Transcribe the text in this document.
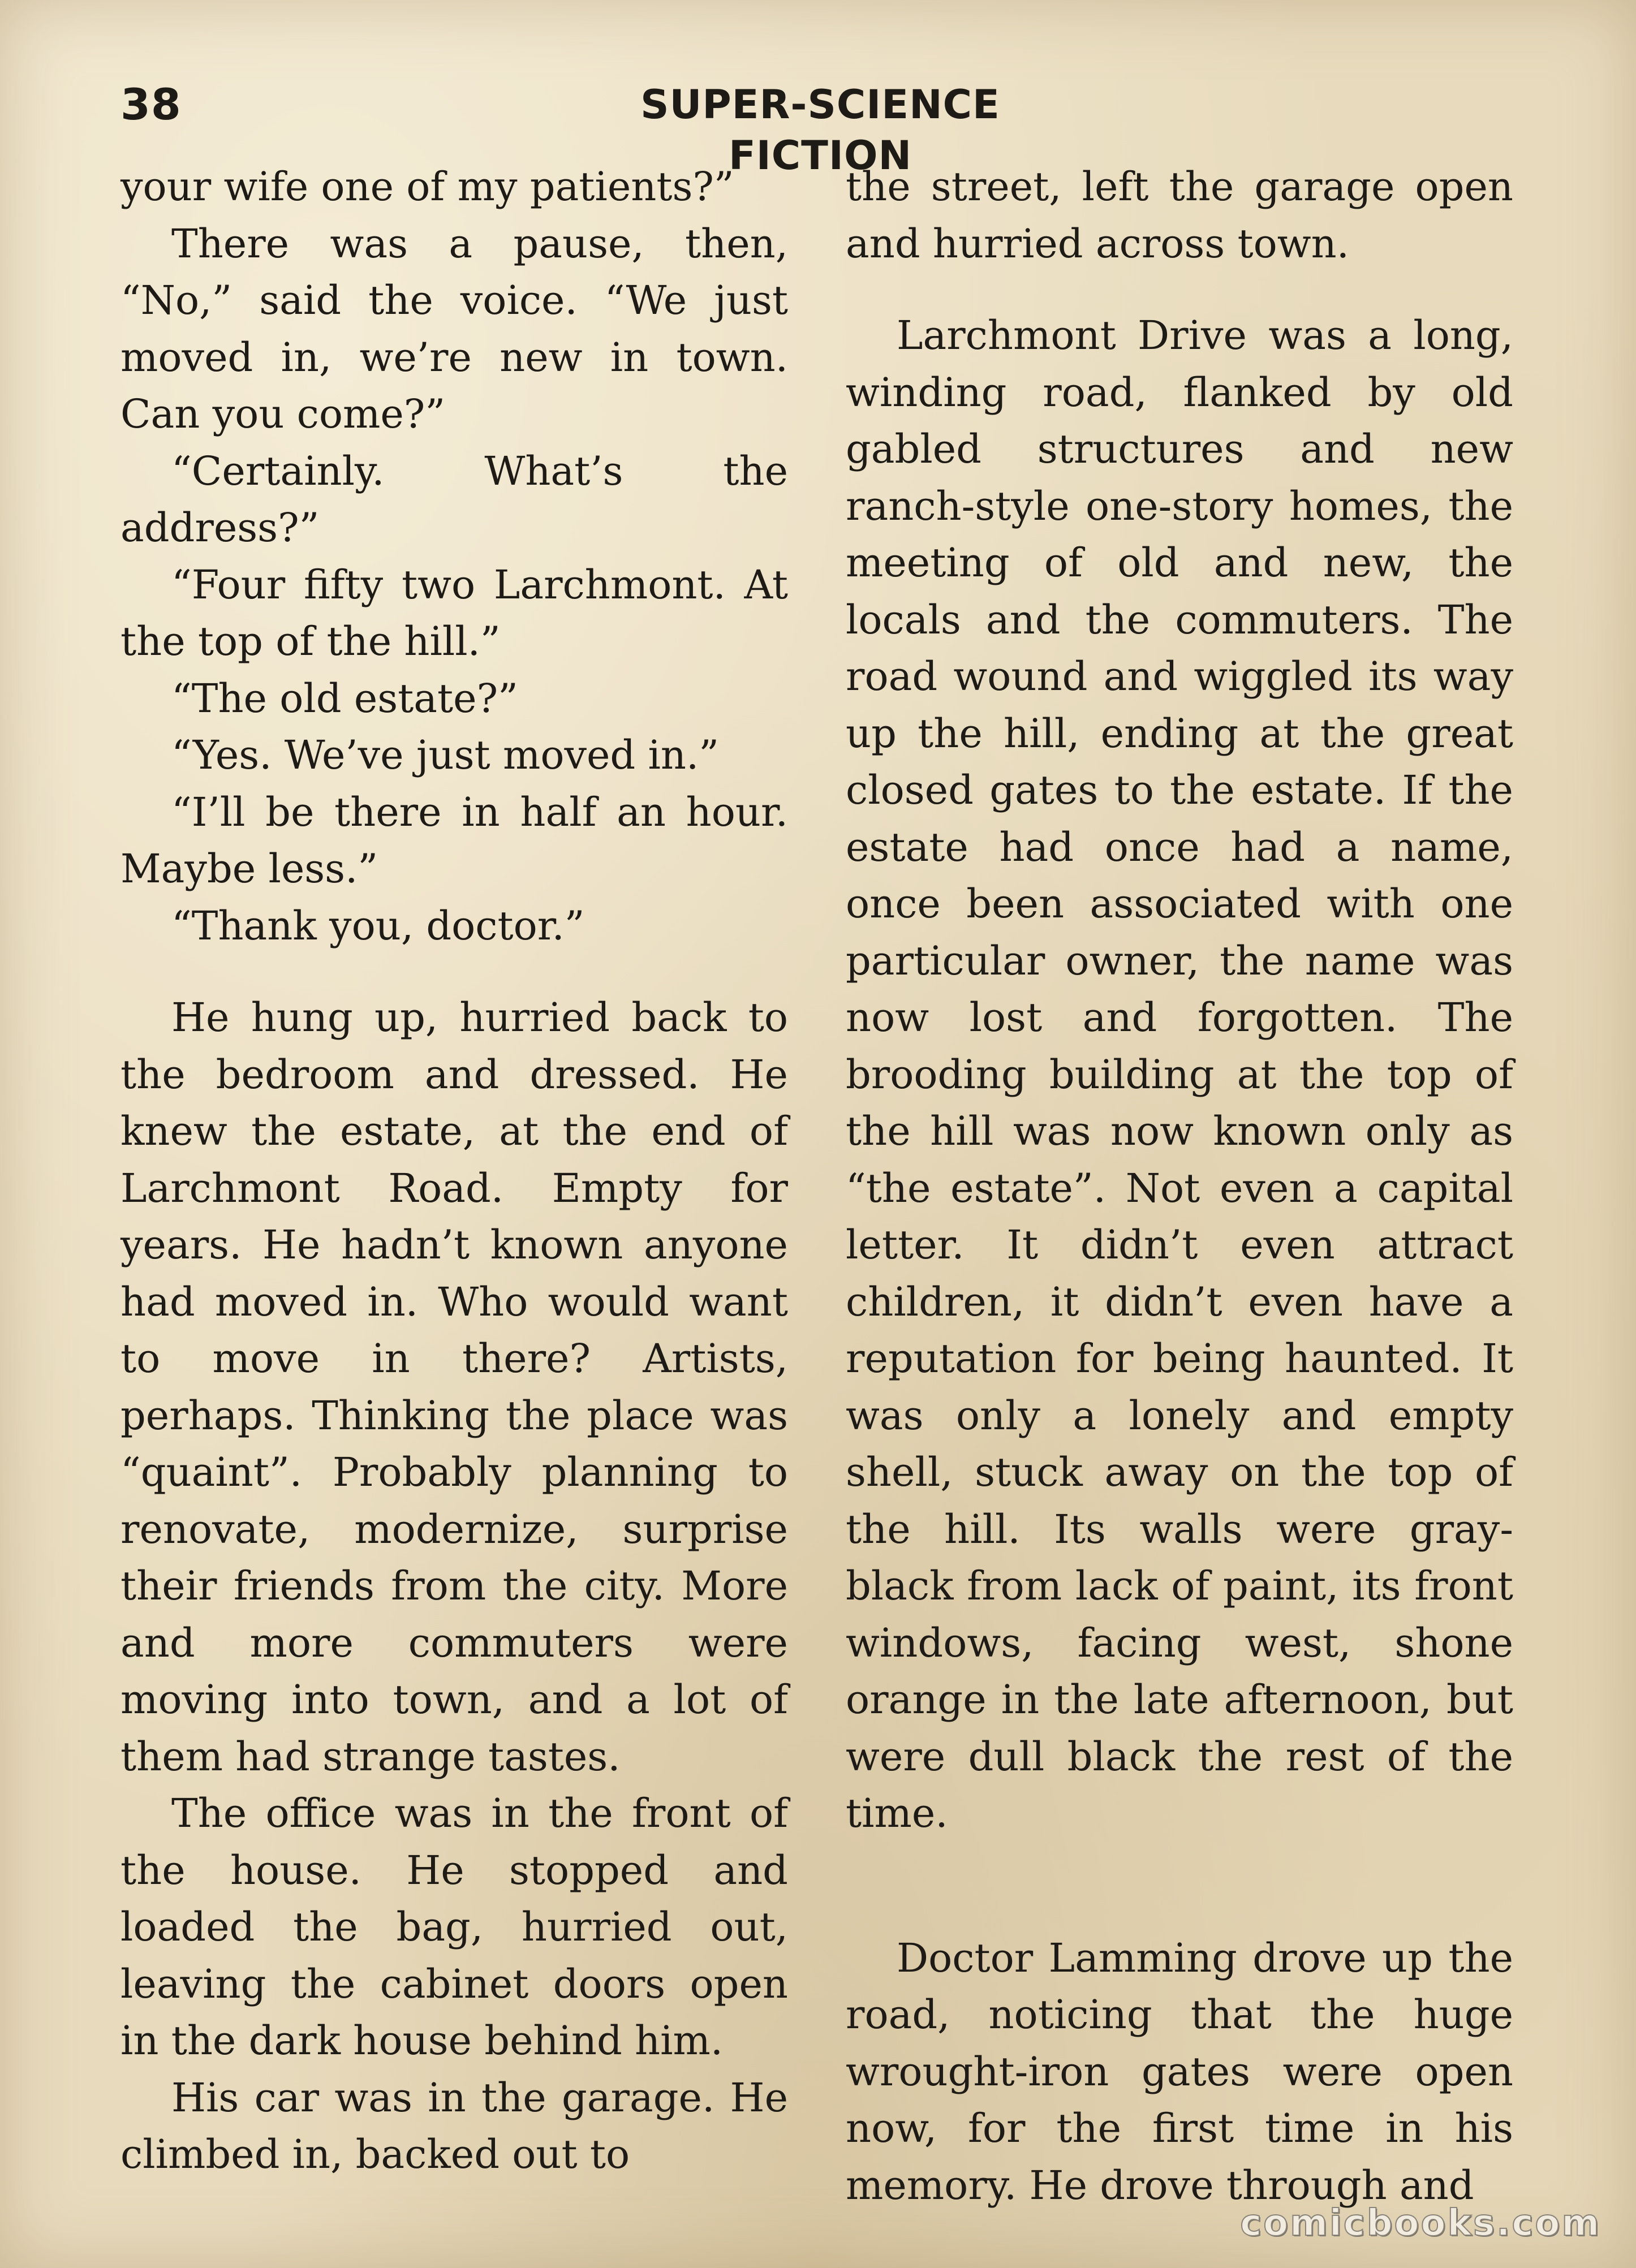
38	SUPER-SCIENCE FICTION

your wife one of my patients?”

There was a pause, then, “No,” said the voice. “We just moved in, we’re new in town. Can you come?”

“Certainly. What’s the address?”

“Four fifty two Larchmont. At the top of the hill.”

“The old estate?”

“Yes. We’ve just moved in.”

“I’ll be there in half an hour. Maybe less.”

“Thank you, doctor.”

He hung up, hurried back to the bedroom and dressed. He knew the estate, at the end of Larchmont Road. Empty for years. He hadn’t known anyone had moved in. Who would want to move in there? Artists, perhaps. Thinking the place was “quaint”. Probably planning to renovate, modernize, surprise their friends from the city. More and more commuters were moving into town, and a lot of them had strange tastes.

The office was in the front of the house. He stopped and loaded the bag, hurried out, leaving the cabinet doors open in the dark house behind him.

His car was in the garage. He climbed in, backed out to

the street, left the garage open and hurried across town.

Larchmont Drive was a long, winding road, flanked by old gabled structures and new ranch-style one-story homes, the meeting of old and new, the locals and the commuters. The road wound and wiggled its way up the hill, ending at the great closed gates to the estate. If the estate had once had a name, once been associated with one particular owner, the name was now lost and forgotten. The brooding building at the top of the hill was now known only as “the estate”. Not even a capital letter. It didn’t even attract children, it didn’t even have a reputation for being haunted. It was only a lonely and empty shell, stuck away on the top of the hill. Its walls were gray-black from lack of paint, its front windows, facing west, shone orange in the late afternoon, but were dull black the rest of the time.

Doctor Lamming drove up the road, noticing that the huge wrought-iron gates were open now, for the first time in his memory. He drove through and

comicbooks.com
